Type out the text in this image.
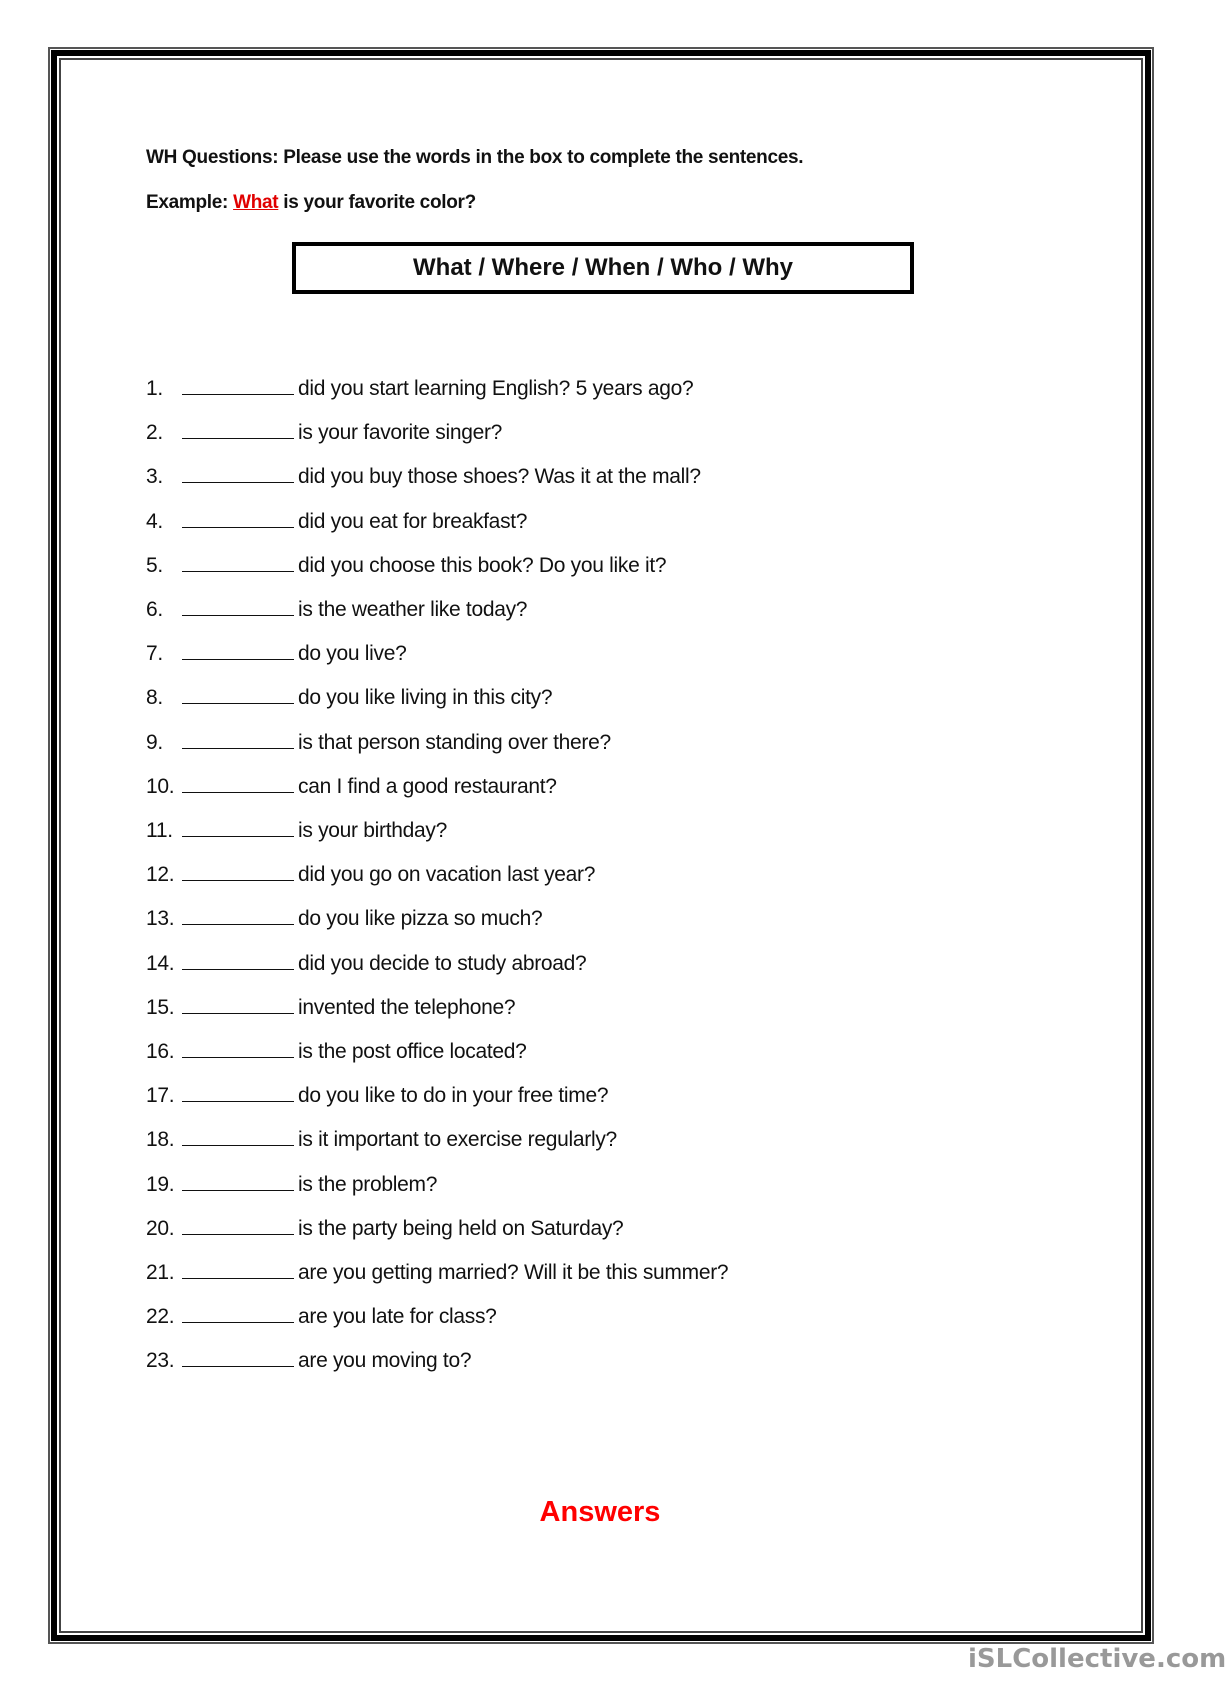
WH Questions: Please use the words in the box to complete the sentences.
Example: What is your favorite color?
What / Where / When / Who / Why
1.	did you start learning English? 5 years ago?
2.	is your favorite singer?
3.	did you buy those shoes? Was it at the mall?
4.	did you eat for breakfast?
5.	did you choose this book? Do you like it?
6.	is the weather like today?
7.	do you live?
8.	do you like living in this city?
9.	is that person standing over there?
10.	can I find a good restaurant?
11.	is your birthday?
12.	did you go on vacation last year?
13.	do you like pizza so much?
14.	did you decide to study abroad?
15.	invented the telephone?
16.	is the post office located?
17.	do you like to do in your free time?
18.	is it important to exercise regularly?
19.	is the problem?
20.	is the party being held on Saturday?
21.	are you getting married? Will it be this summer?
22.	are you late for class?
23.	are you moving to?
Answers
iSLCollective.com
